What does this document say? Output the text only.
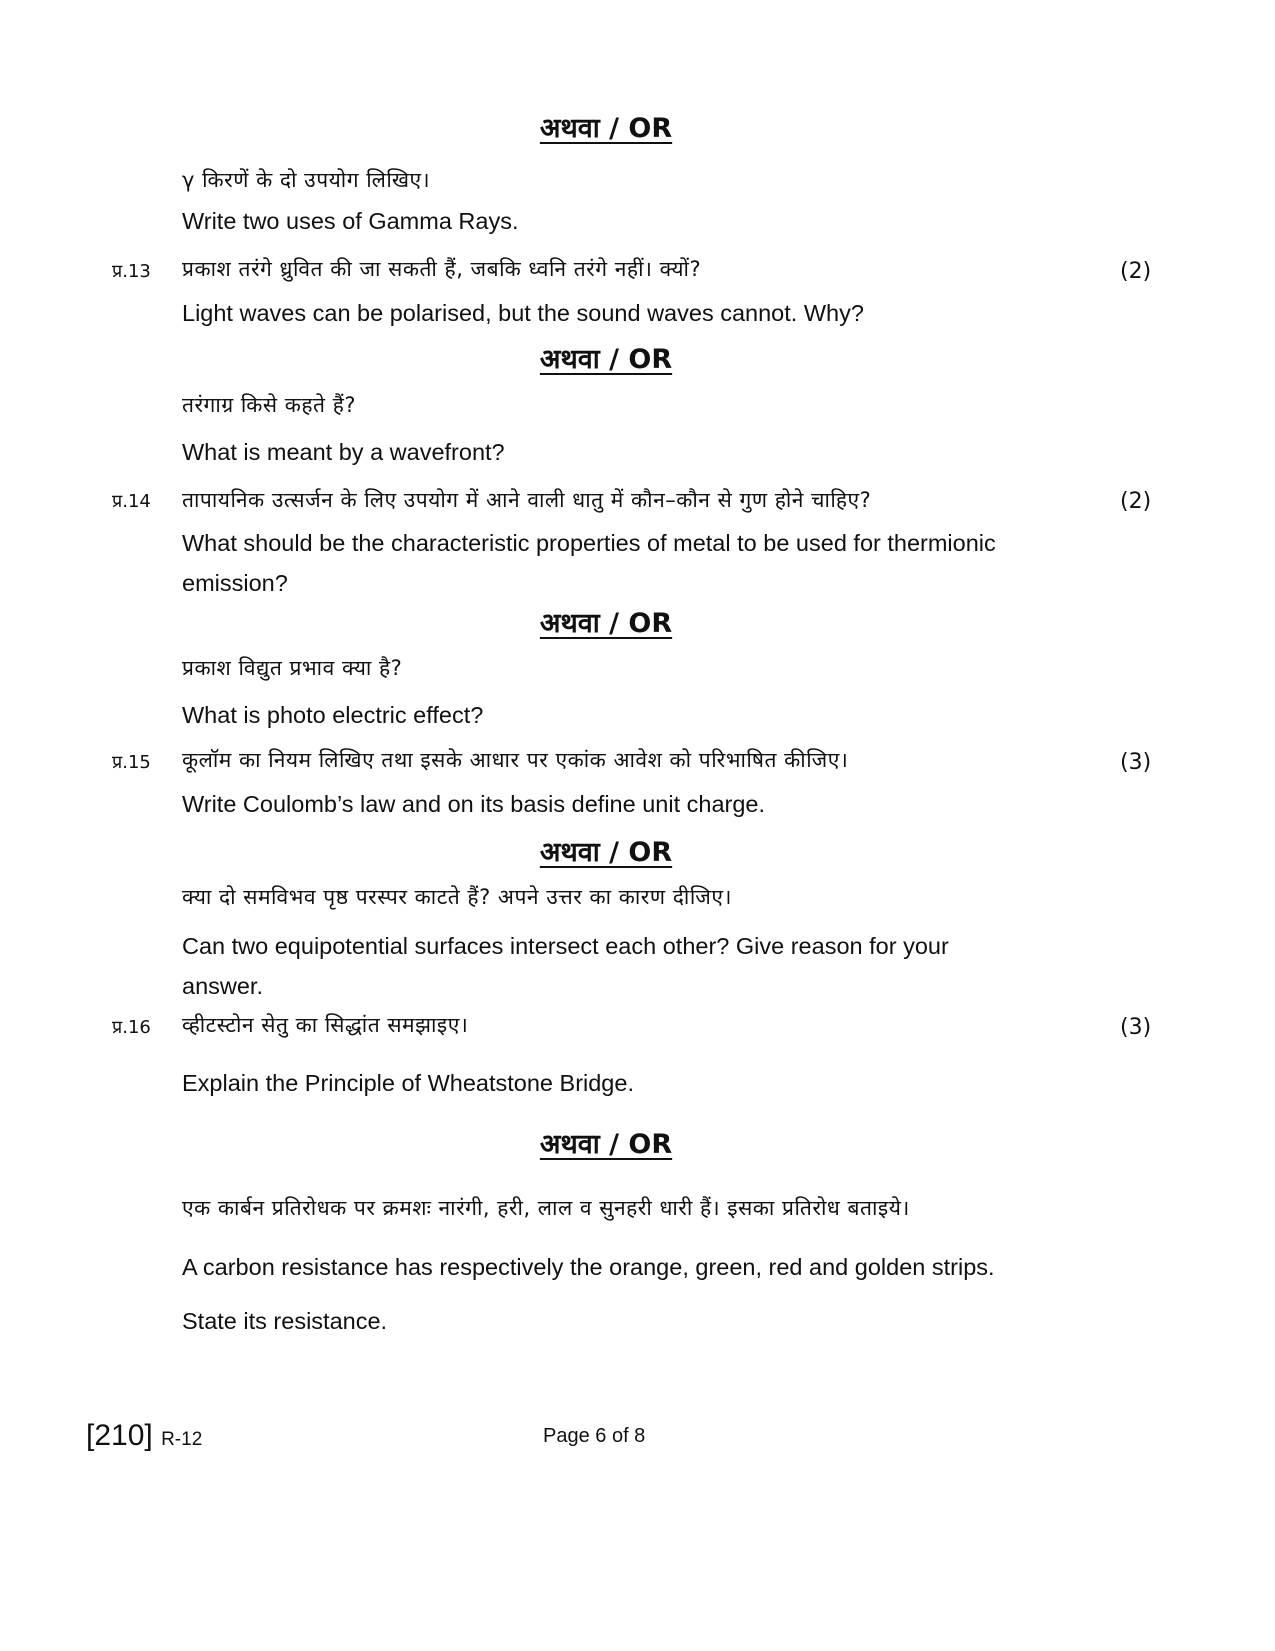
अथवा / OR
γ किरणें के दो उपयोग लिखिए।
Write two uses of Gamma Rays.
प्र.13 प्रकाश तरंगे ध्रुवित की जा सकती हैं, जबकि ध्वनि तरंगे नहीं। क्यों?	(2)
Light waves can be polarised, but the sound waves cannot. Why?
अथवा / OR
तरंगाग्र किसे कहते हैं?
What is meant by a wavefront?
प्र.14 तापायनिक उत्सर्जन के लिए उपयोग में आने वाली धातु में कौन–कौन से गुण होने चाहिए?	(2)
What should be the characteristic properties of metal to be used for thermionic
emission?
अथवा / OR
प्रकाश विद्युत प्रभाव क्या है?
What is photo electric effect?
प्र.15 कूलॉम का नियम लिखिए तथा इसके आधार पर एकांक आवेश को परिभाषित कीजिए।	(3)
Write Coulomb’s law and on its basis define unit charge.
अथवा / OR
क्या दो समविभव पृष्ठ परस्पर काटते हैं? अपने उत्तर का कारण दीजिए।
Can two equipotential surfaces intersect each other? Give reason for your
answer.
प्र.16 व्हीटस्टोन सेतु का सिद्धांत समझाइए।	(3)
Explain the Principle of Wheatstone Bridge.
अथवा / OR
एक कार्बन प्रतिरोधक पर क्रमशः नारंगी, हरी, लाल व सुनहरी धारी हैं। इसका प्रतिरोध बताइये।
A carbon resistance has respectively the orange, green, red and golden strips.
State its resistance.
[210] R-12	Page 6 of 8
